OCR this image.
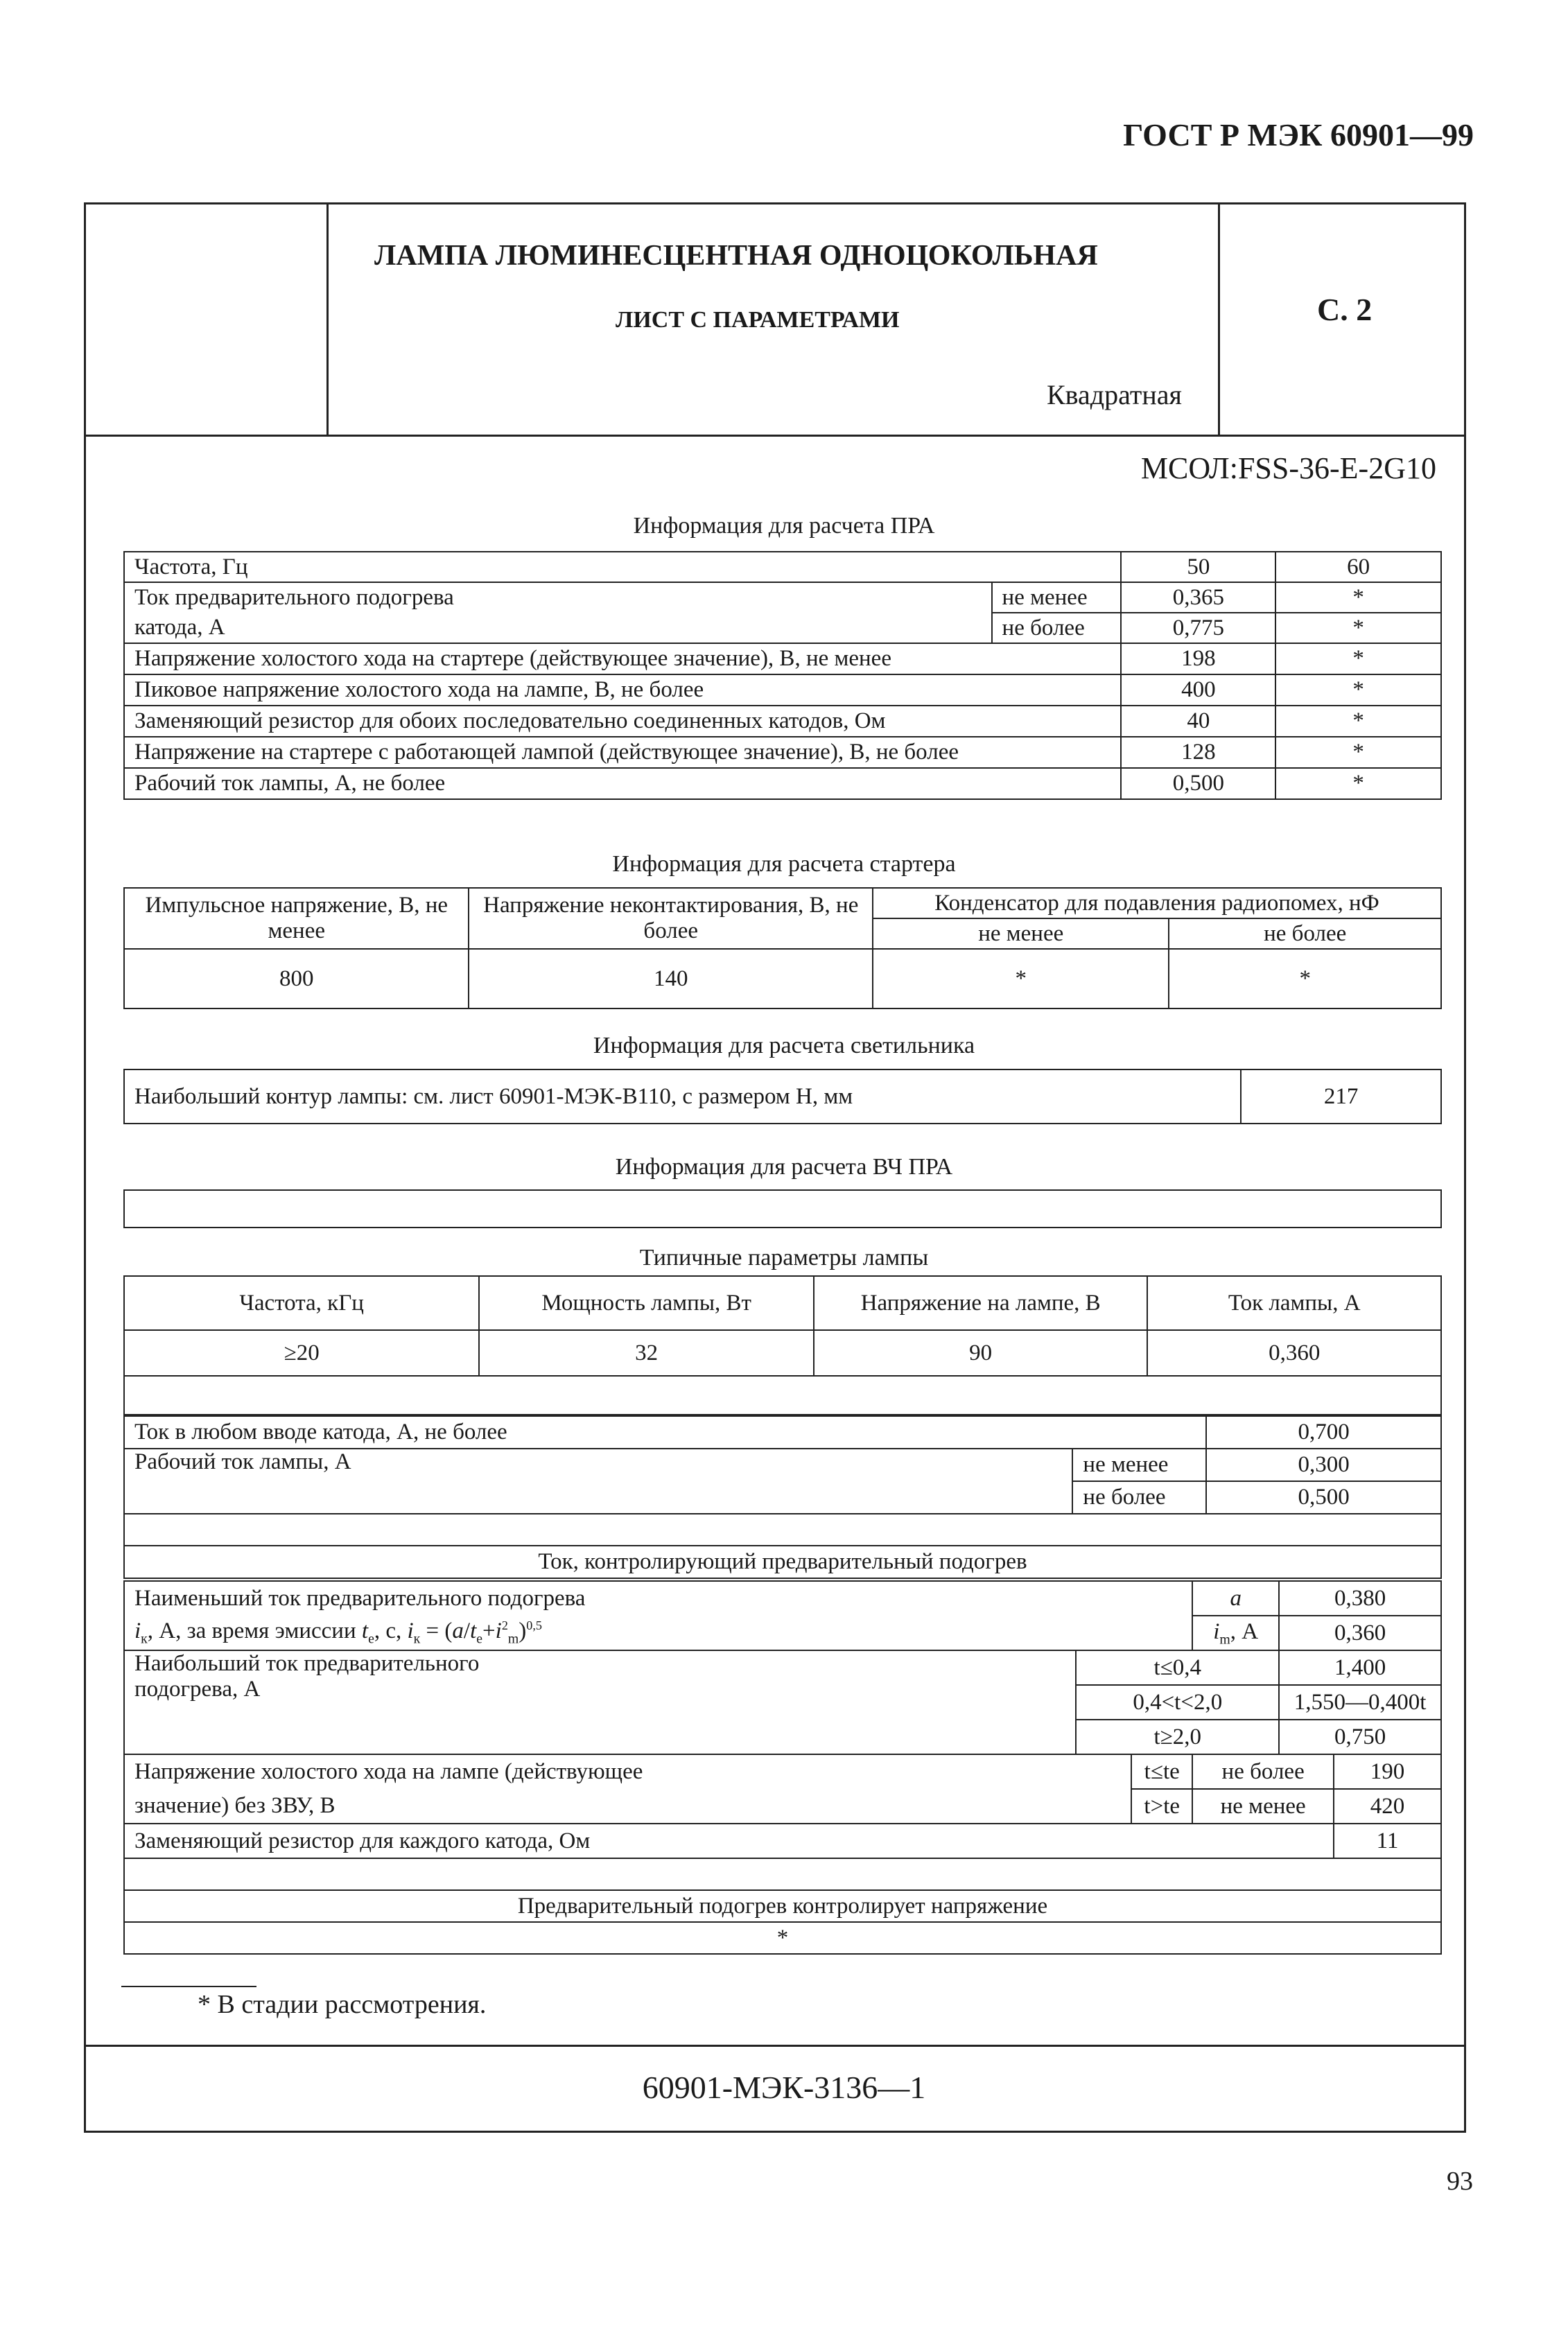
ГОСТ Р МЭК 60901—99
ЛАМПА ЛЮМИНЕСЦЕНТНАЯ ОДНОЦОКОЛЬНАЯ
ЛИСТ С ПАРАМЕТРАМИ
Квадратная
С. 2
МСОЛ:FSS-36-E-2G10
Информация для расчета ПРА
Частота, Гц		50	60
Ток предварительного подогрева	не менее	0,365	*
катода, А	не более	0,775	*
Напряжение холостого хода на стартере (действующее значение), В, не менее		198	*
Пиковое напряжение холостого хода на лампе, В, не более		400	*
Заменяющий резистор для обоих последовательно соединенных катодов, Ом		40	*
Напряжение на стартере с работающей лампой (действующее значение), В, не более		128	*
Рабочий ток лампы, А, не более		0,500	*
Информация для расчета стартера
Импульсное напряжение, В, не менее	Напряжение неконтактирования, В, не более	Конденсатор для подавления радиопомех, нФ	
		не менее	не более
800	140	*	*
Информация для расчета светильника
Наибольший контур лампы: см. лист 60901-МЭК-В110, с размером Н, мм	217
Информация для расчета ВЧ ПРА
Типичные параметры лампы
Частота, кГц	Мощность лампы, Вт	Напряжение на лампе, В	Ток лампы, А
≥20	32	90	0,360

Ток в любом вводе катода, А, не более		0,700
Рабочий ток лампы, А	не менее	0,300
	не более	0,500

Ток, контролирующий предварительный подогрев		
Наименьший ток предварительного подогрева			a	0,380	
$i_к$, А, за время эмиссии $t_е$, с, $i_к = (a/t_е+i^2_m)^{0,5}$			$i_m$, А	0,360	
Наибольший ток предварительного
подогрева, А	t≤0,4			1,400	
	0,4<t<2,0			1,550—0,400t	
	t≥2,0			0,750	
Напряжение холостого хода на лампе (действующее		t≤tе	не более		190
значение) без ЗВУ, В		t>tе	не менее		420
Заменяющий резистор для каждого катода, Ом					11

Предварительный подогрев контролирует напряжение					
*					
* В стадии рассмотрения.
60901-МЭК-3136—1
93
